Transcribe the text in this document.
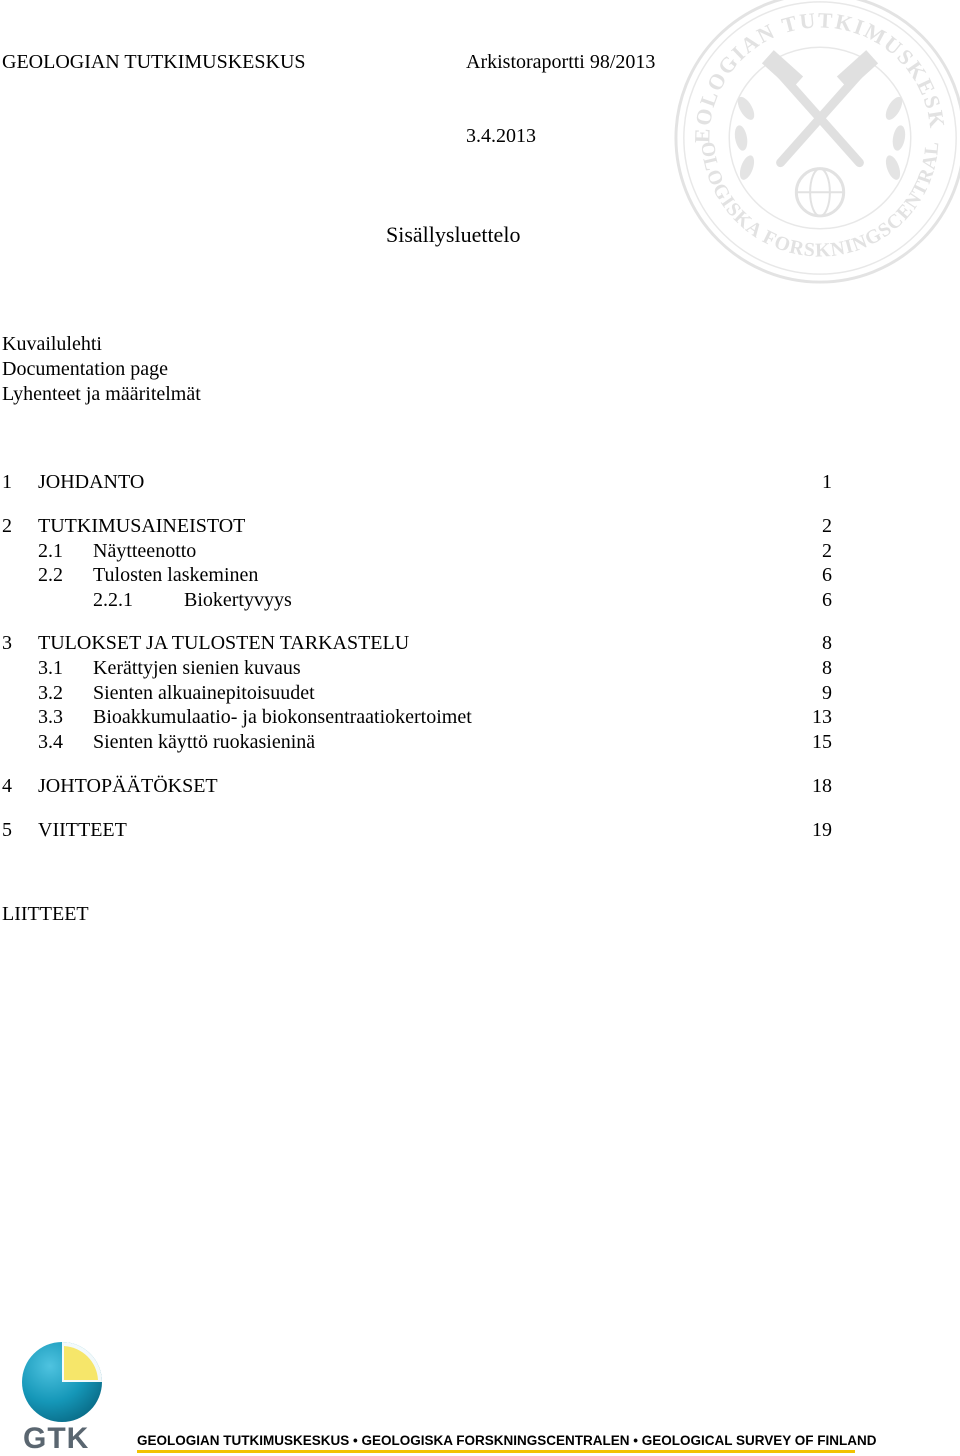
EOLOGIAN TUTKIMUSKESK
OLOGISKA FORSKNINGSCENTRAL
GEOLOGIAN TUTKIMUSKESKUS	Arkistoraportti 98/2013
3.4.2013
Sisällysluettelo
Kuvailulehti
Documentation page
Lyhenteet ja määritelmät
1 JOHDANTO	1
2 TUTKIMUSAINEISTOT	2
2.1 Näytteenotto	2
2.2 Tulosten laskeminen	6
2.2.1	Biokertyvyys	6
3 TULOKSET JA TULOSTEN TARKASTELU	8
3.1 Kerättyjen sienien kuvaus	8
3.2 Sienten alkuainepitoisuudet	9
3.3 Bioakkumulaatio- ja biokonsentraatiokertoimet	13
3.4 Sienten käyttö ruokasieninä	15
4 JOHTOPÄÄTÖKSET	18
5 VIITTEET	19
LIITTEET
GTK	GEOLOGIAN TUTKIMUSKESKUS • GEOLOGISKA FORSKNINGSCENTRALEN • GEOLOGICAL SURVEY OF FINLAND
